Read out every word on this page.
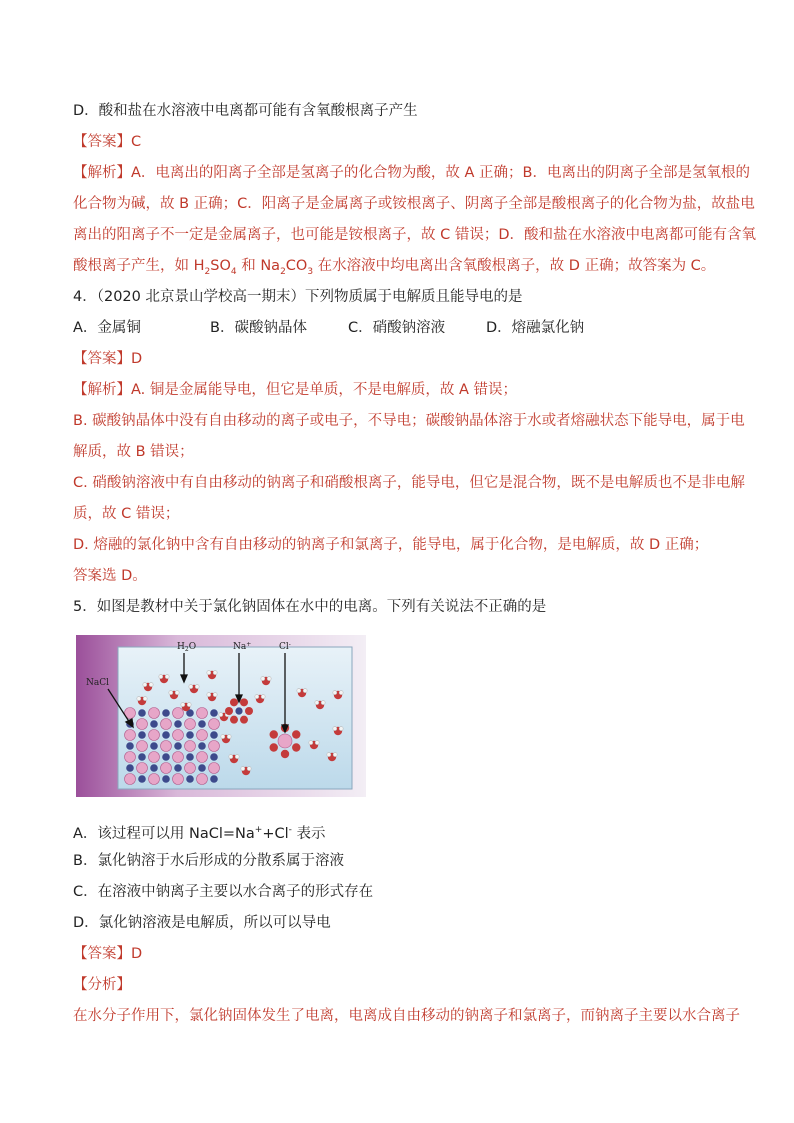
D．酸和盐在水溶液中电离都可能有含氧酸根离子产生
【答案】C
【解析】A．电离出的阳离子全部是氢离子的化合物为酸，故 A 正确；B．电离出的阴离子全部是氢氧根的
化合物为碱，故 B 正确；C．阳离子是金属离子或铵根离子、阴离子全部是酸根离子的化合物为盐，故盐电
离出的阳离子不一定是金属离子，也可能是铵根离子，故 C 错误；D．酸和盐在水溶液中电离都可能有含氧
酸根离子产生，如 $H_2SO_4$ 和 $Na_2CO_3$ 在水溶液中均电离出含氧酸根离子，故 D 正确；故答案为 C。
4．（2020 北京景山学校高一期末）下列物质属于电解质且能导电的是
A．金属铜	B．碳酸钠晶体	C．硝酸钠溶液	D．熔融氯化钠
【答案】D
【解析】A. 铜是金属能导电，但它是单质，不是电解质，故 A 错误；
B. 碳酸钠晶体中没有自由移动的离子或电子，不导电；碳酸钠晶体溶于水或者熔融状态下能导电，属于电
解质，故 B 错误；
C. 硝酸钠溶液中有自由移动的钠离子和硝酸根离子，能导电，但它是混合物，既不是电解质也不是非电解
质，故 C 错误；
D. 熔融的氯化钠中含有自由移动的钠离子和氯离子，能导电，属于化合物，是电解质，故 D 正确；
答案选 D。
5．如图是教材中关于氯化钠固体在水中的电离。下列有关说法不正确的是
$H_2O$	Na+	Cl-
NaCl
A．该过程可以用 NaCl=Na++Cl- 表示
B．氯化钠溶于水后形成的分散系属于溶液
C．在溶液中钠离子主要以水合离子的形式存在
D．氯化钠溶液是电解质，所以可以导电
【答案】D
【分析】
在水分子作用下，氯化钠固体发生了电离，电离成自由移动的钠离子和氯离子，而钠离子主要以水合离子
